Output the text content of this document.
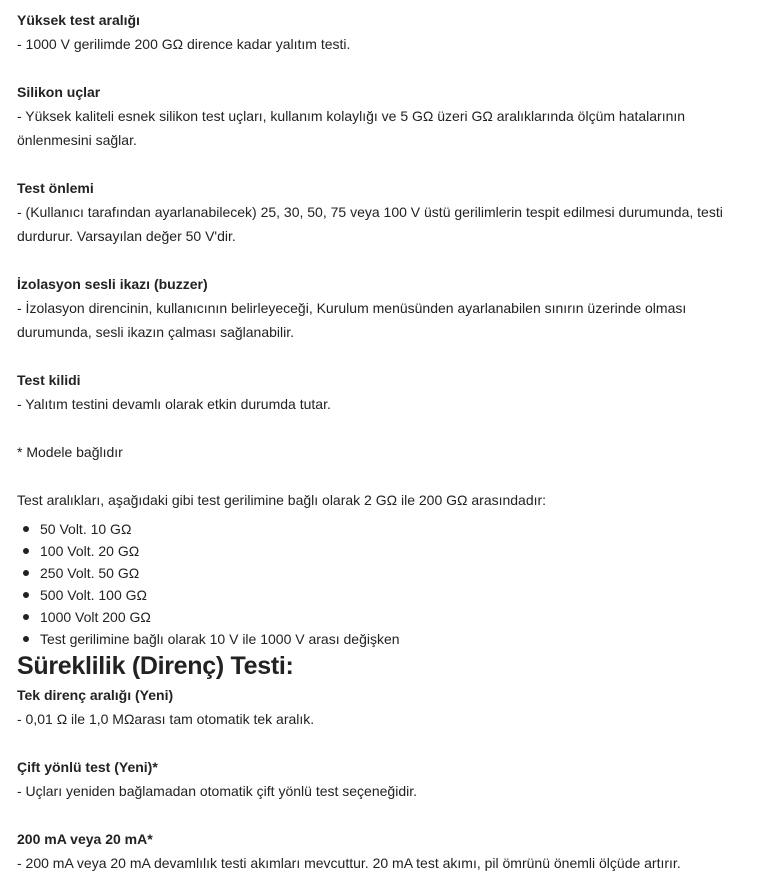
Yüksek test aralığı

- 1000 V gerilimde 200 GΩ dirence kadar yalıtım testi.

Silikon uçlar

- Yüksek kaliteli esnek silikon test uçları, kullanım kolaylığı ve 5 GΩ üzeri GΩ aralıklarında ölçüm hatalarının

önlenmesini sağlar.

Test önlemi

- (Kullanıcı tarafından ayarlanabilecek) 25, 30, 50, 75 veya 100 V üstü gerilimlerin tespit edilmesi durumunda, testi

durdurur. Varsayılan değer 50 V'dir.

İzolasyon sesli ikazı (buzzer)

- İzolasyon direncinin, kullanıcının belirleyeceği, Kurulum menüsünden ayarlanabilen sınırın üzerinde olması

durumunda, sesli ikazın çalması sağlanabilir.

Test kilidi

- Yalıtım testini devamlı olarak etkin durumda tutar.

* Modele bağlıdır

Test aralıkları, aşağıdaki gibi test gerilimine bağlı olarak 2 GΩ ile 200 GΩ arasındadır:

50 Volt. 10 GΩ
100 Volt. 20 GΩ
250 Volt. 50 GΩ
500 Volt. 100 GΩ
1000 Volt 200 GΩ
Test gerilimine bağlı olarak 10 V ile 1000 V arası değişken
Süreklilik (Direnç) Testi:

Tek direnç aralığı (Yeni)

- 0,01 Ω ile 1,0 MΩarası tam otomatik tek aralık.

Çift yönlü test (Yeni)*

- Uçları yeniden bağlamadan otomatik çift yönlü test seçeneğidir.

200 mA veya 20 mA*

- 200 mA veya 20 mA devamlılık testi akımları mevcuttur. 20 mA test akımı, pil ömrünü önemli ölçüde artırır.
